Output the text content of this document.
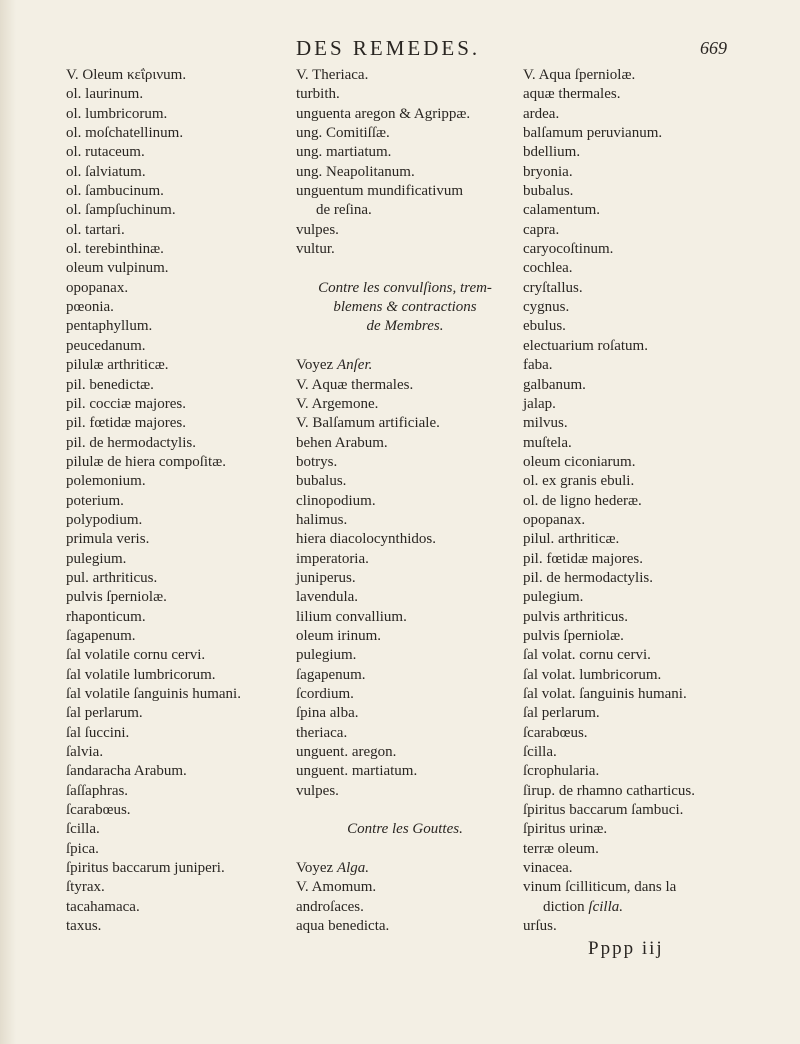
DES REMEDES.	669
V. Oleum κεΐρινum.
ol. laurinum.
ol. lumbricorum.
ol. moſchatellinum.
ol. rutaceum.
ol. ſalviatum.
ol. ſambucinum.
ol. ſampſuchinum.
ol. tartari.
ol. terebinthinæ.
oleum vulpinum.
opopanax.
pœonia.
pentaphyllum.
peucedanum.
pilulæ arthriticæ.
pil. benedictæ.
pil. cocciæ majores.
pil. fœtidæ majores.
pil. de hermodactylis.
pilulæ de hiera compoſitæ.
polemonium.
poterium.
polypodium.
primula veris.
pulegium.
pul. arthriticus.
pulvis ſperniolæ.
rhaponticum.
ſagapenum.
ſal volatile cornu cervi.
ſal volatile lumbricorum.
ſal volatile ſanguinis humani.
ſal perlarum.
ſal ſuccini.
ſalvia.
ſandaracha Arabum.
ſaſſaphras.
ſcarabœus.
ſcilla.
ſpica.
ſpiritus baccarum juniperi.
ſtyrax.
tacahamaca.
taxus.
V. Theriaca.
turbith.
unguenta aregon & Agrippæ.
ung. Comitiſſæ.
ung. martiatum.
ung. Neapolitanum.
unguentum mundificativum
de reſina.
vulpes.
vultur.
Contre les convulſions, trem-
blemens & contractions
de Membres.
Voyez Anſer.
V. Aquæ thermales.
V. Argemone.
V. Balſamum artificiale.
behen Arabum.
botrys.
bubalus.
clinopodium.
halimus.
hiera diacolocynthidos.
imperatoria.
juniperus.
lavendula.
lilium convallium.
oleum irinum.
pulegium.
ſagapenum.
ſcordium.
ſpina alba.
theriaca.
unguent. aregon.
unguent. martiatum.
vulpes.
Contre les Gouttes.
Voyez Alga.
V. Amomum.
androſaces.
aqua benedicta.
V. Aqua ſperniolæ.
aquæ thermales.
ardea.
balſamum peruvianum.
bdellium.
bryonia.
bubalus.
calamentum.
capra.
caryocoſtinum.
cochlea.
cryſtallus.
cygnus.
ebulus.
electuarium roſatum.
faba.
galbanum.
jalap.
milvus.
muſtela.
oleum ciconiarum.
ol. ex granis ebuli.
ol. de ligno hederæ.
opopanax.
pilul. arthriticæ.
pil. fœtidæ majores.
pil. de hermodactylis.
pulegium.
pulvis arthriticus.
pulvis ſperniolæ.
ſal volat. cornu cervi.
ſal volat. lumbricorum.
ſal volat. ſanguinis humani.
ſal perlarum.
ſcarabœus.
ſcilla.
ſcrophularia.
ſirup. de rhamno catharticus.
ſpiritus baccarum ſambuci.
ſpiritus urinæ.
terræ oleum.
vinacea.
vinum ſcilliticum, dans la
diction ſcilla.
urſus.
Pppp iij
